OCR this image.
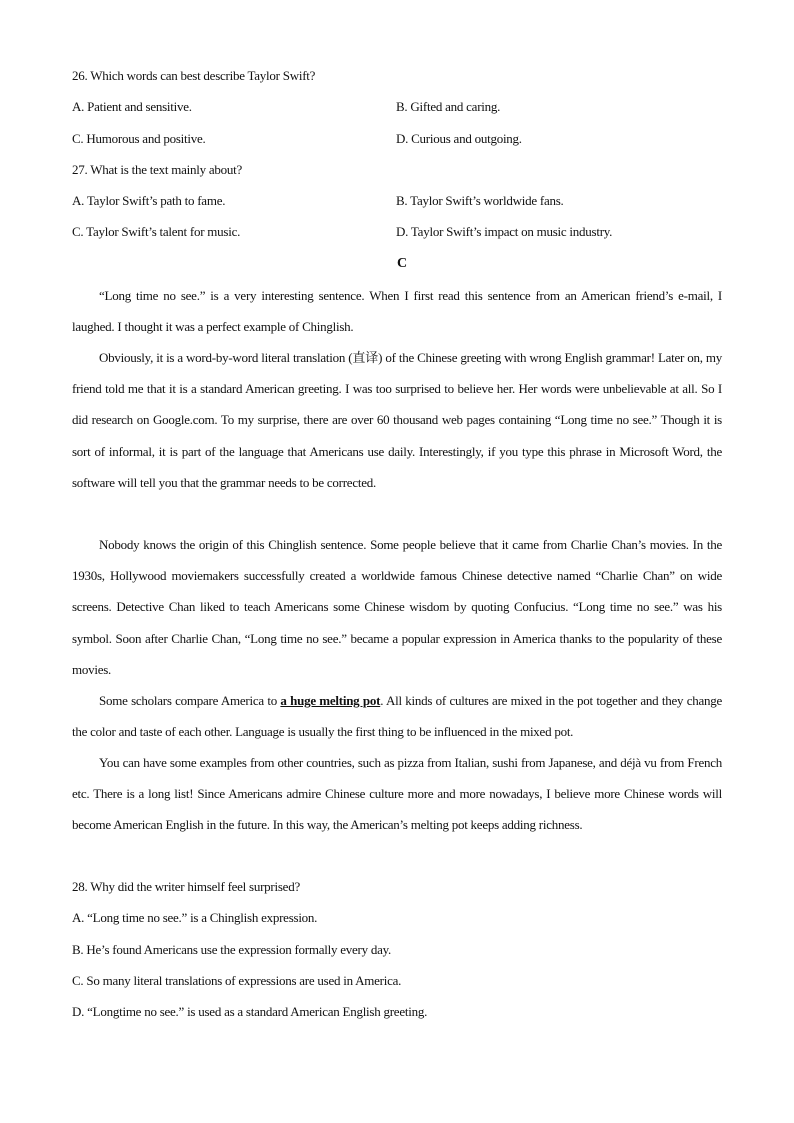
26. Which words can best describe Taylor Swift?
A. Patient and sensitive.	B. Gifted and caring.
C. Humorous and positive.	D. Curious and outgoing.
27. What is the text mainly about?
A. Taylor Swift’s path to fame.	B. Taylor Swift’s worldwide fans.
C. Taylor Swift’s talent for music.	D. Taylor Swift’s impact on music industry.
C

“Long time no see.” is a very interesting sentence. When I first read this sentence from an American friend’s e-mail, I laughed. I thought it was a perfect example of Chinglish.

Obviously, it is a word-by-word literal translation (直译) of the Chinese greeting with wrong English grammar! Later on, my friend told me that it is a standard American greeting. I was too surprised to believe her. Her words were unbelievable at all. So I did research on Google.com. To my surprise, there are over 60 thousand web pages containing “Long time no see.” Though it is sort of informal, it is part of the language that Americans use daily. Interestingly, if you type this phrase in Microsoft Word, the software will tell you that the grammar needs to be corrected.

Nobody knows the origin of this Chinglish sentence. Some people believe that it came from Charlie Chan’s movies. In the 1930s, Hollywood moviemakers successfully created a worldwide famous Chinese detective named “Charlie Chan” on wide screens. Detective Chan liked to teach Americans some Chinese wisdom by quoting Confucius. “Long time no see.” was his symbol. Soon after Charlie Chan, “Long time no see.” became a popular expression in America thanks to the popularity of these movies.

Some scholars compare America to a huge melting pot. All kinds of cultures are mixed in the pot together and they change the color and taste of each other. Language is usually the first thing to be influenced in the mixed pot.

You can have some examples from other countries, such as pizza from Italian, sushi from Japanese, and déjà vu from French etc. There is a long list! Since Americans admire Chinese culture more and more nowadays, I believe more Chinese words will become American English in the future. In this way, the American’s melting pot keeps adding richness.

28. Why did the writer himself feel surprised?
A. “Long time no see.” is a Chinglish expression.
B. He’s found Americans use the expression formally every day.
C. So many literal translations of expressions are used in America.
D. “Longtime no see.” is used as a standard American English greeting.
